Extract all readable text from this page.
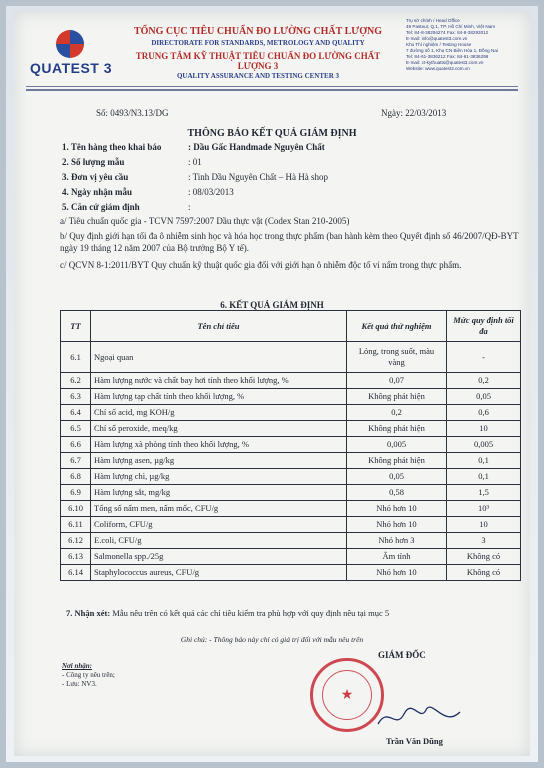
QUATEST 3
TỔNG CỤC TIÊU CHUẨN ĐO LƯỜNG CHẤT LƯỢNG
DIRECTORATE FOR STANDARDS, METROLOGY AND QUALITY
TRUNG TÂM KỸ THUẬT TIÊU CHUẨN ĐO LƯỜNG CHẤT LƯỢNG 3
QUALITY ASSURANCE AND TESTING CENTER 3
Trụ sở chính / Head Office
49 Pasteur, Q.1, TP. Hồ Chí Minh, Việt Nam
Tel: 84-8-38294274 Fax: 84-8-38293012
E-mail: info@quatest3.com.vn
Khu Thí nghiệm / Testing House
7 đường số 1, Khu CN Biên Hòa 1, Đồng Nai
Tel: 84-61-3836212 Fax: 84-61-3836298
E-mail: ct-kythuatts@quatest3.com.vn
Website: www.quatest3.com.vn
Số: 0493/N3.13/DG	Ngày: 22/03/2013
THÔNG BÁO KẾT QUẢ GIÁM ĐỊNH
1. Tên hàng theo khai báo	: Dầu Gấc Handmade Nguyên Chất
2. Số lượng mẫu	: 01
3. Đơn vị yêu cầu	: Tinh Dầu Nguyên Chất – Hà Hà shop
4. Ngày nhận mẫu	: 08/03/2013
5. Căn cứ giám định	:
a/ Tiêu chuẩn quốc gia - TCVN 7597:2007 Dầu thực vật (Codex Stan 210-2005)
b/ Quy định giới hạn tối đa ô nhiễm sinh học và hóa học trong thực phẩm (ban hành kèm theo Quyết định số 46/2007/QĐ-BYT ngày 19 tháng 12 năm 2007 của Bộ trưởng Bộ Y tế).
c/ QCVN 8-1:2011/BYT Quy chuẩn kỹ thuật quốc gia đối với giới hạn ô nhiễm độc tố vi nấm trong thực phẩm.
6. KẾT QUẢ GIÁM ĐỊNH
TT	Tên chỉ tiêu	Kết quả thử nghiệm	Mức quy định tối đa
6.1	Ngoại quan	Lỏng, trong suốt, màu vàng	-
6.2	Hàm lượng nước và chất bay hơi tính theo khối lượng, %	0,07	0,2
6.3	Hàm lượng tạp chất tính theo khối lượng, %	Không phát hiện	0,05
6.4	Chỉ số acid, mg KOH/g	0,2	0,6
6.5	Chỉ số peroxide, meq/kg	Không phát hiện	10
6.6	Hàm lượng xà phòng tính theo khối lượng, %	0,005	0,005
6.7	Hàm lượng asen, µg/kg	Không phát hiện	0,1
6.8	Hàm lượng chì, µg/kg	0,05	0,1
6.9	Hàm lượng sắt, mg/kg	0,58	1,5
6.10	Tổng số nấm men, nấm mốc, CFU/g	Nhỏ hơn 10	10³
6.11	Coliform, CFU/g	Nhỏ hơn 10	10
6.12	E.coli, CFU/g	Nhỏ hơn 3	3
6.13	Salmonella spp./25g	Âm tính	Không có
6.14	Staphylococcus aureus, CFU/g	Nhỏ hơn 10	Không có
7. Nhận xét: Mẫu nêu trên có kết quả các chỉ tiêu kiểm tra phù hợp với quy định nêu tại mục 5
Ghi chú: - Thông báo này chỉ có giá trị đối với mẫu nêu trên
Nơi nhận:
- Công ty nêu trên;
- Lưu: NV3.
GIÁM ĐỐC
★
Trần Văn Dũng
